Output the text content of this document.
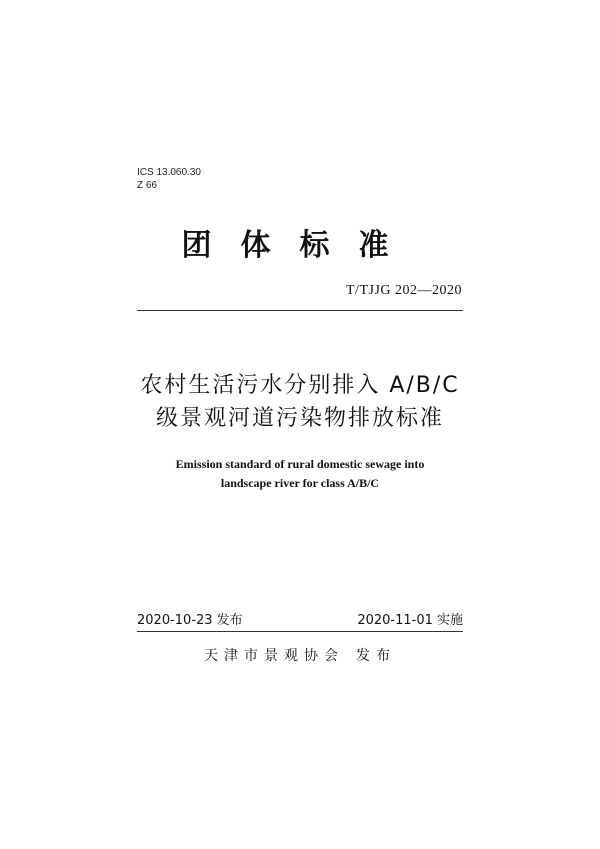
ICS 13.060.30
Z 66
团体标准
T/TJJG 202—2020
农村生活污水分别排入 A/B/C
级景观河道污染物排放标准
Emission standard of rural domestic sewage into
landscape river for class A/B/C
2020-10-23 发布	2020-11-01 实施
天津市景观协会 发布
